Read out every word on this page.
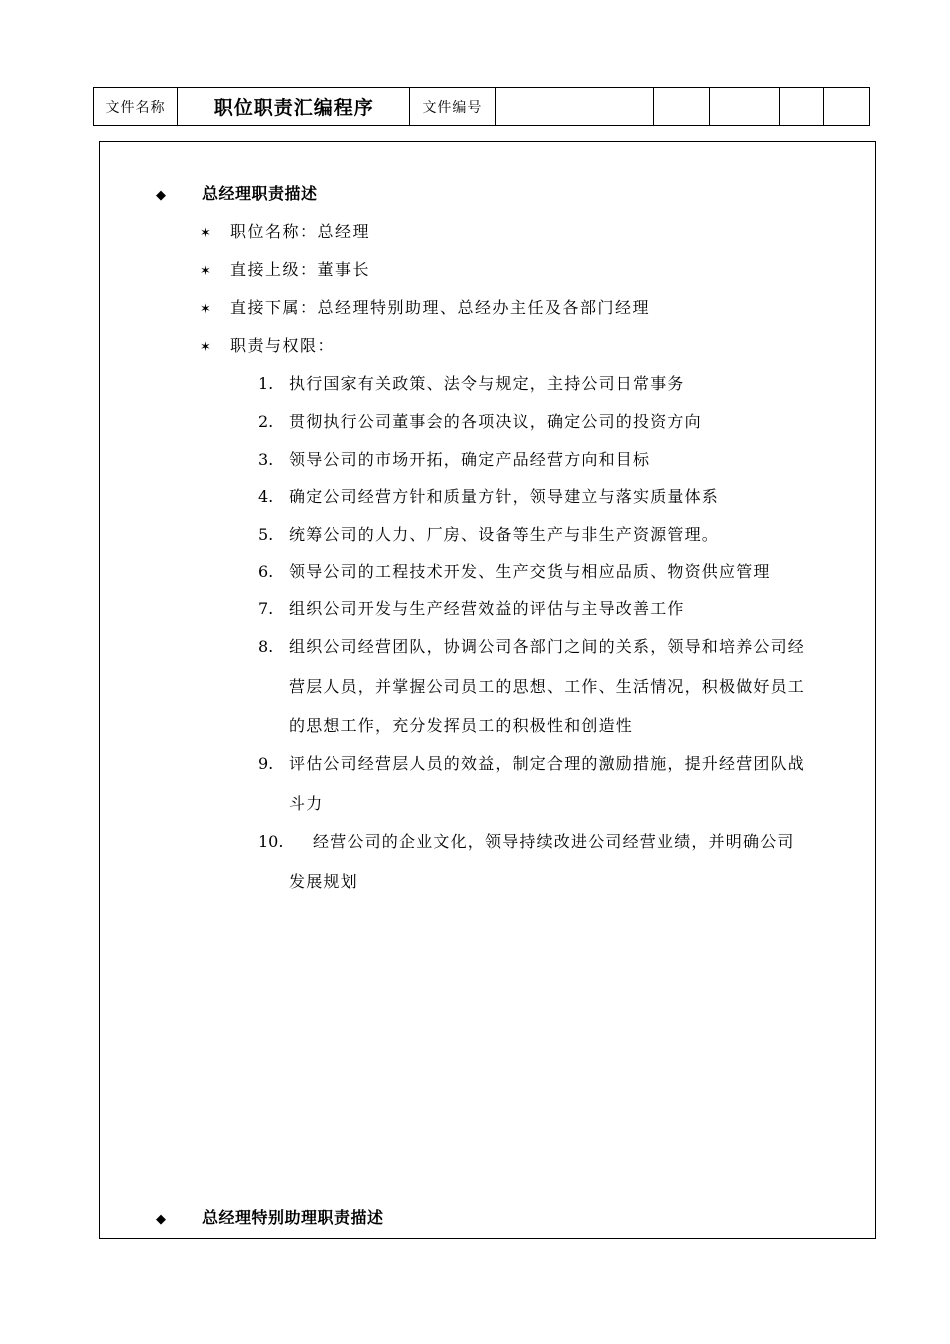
文件名称	职位职责汇编程序	文件编号					
◆ 总经理职责描述
✶ 职位名称：总经理
✶ 直接上级：董事长
✶ 直接下属：总经理特别助理、总经办主任及各部门经理
✶ 职责与权限：
1. 执行国家有关政策、法令与规定，主持公司日常事务
2. 贯彻执行公司董事会的各项决议，确定公司的投资方向
3. 领导公司的市场开拓，确定产品经营方向和目标
4. 确定公司经营方针和质量方针，领导建立与落实质量体系
5. 统筹公司的人力、厂房、设备等生产与非生产资源管理。
6. 领导公司的工程技术开发、生产交货与相应品质、物资供应管理
7. 组织公司开发与生产经营效益的评估与主导改善工作
8. 组织公司经营团队，协调公司各部门之间的关系，领导和培养公司经
营层人员，并掌握公司员工的思想、工作、生活情况，积极做好员工
的思想工作，充分发挥员工的积极性和创造性
9. 评估公司经营层人员的效益，制定合理的激励措施，提升经营团队战
斗力
10. 经营公司的企业文化，领导持续改进公司经营业绩，并明确公司
发展规划
◆ 总经理特别助理职责描述
